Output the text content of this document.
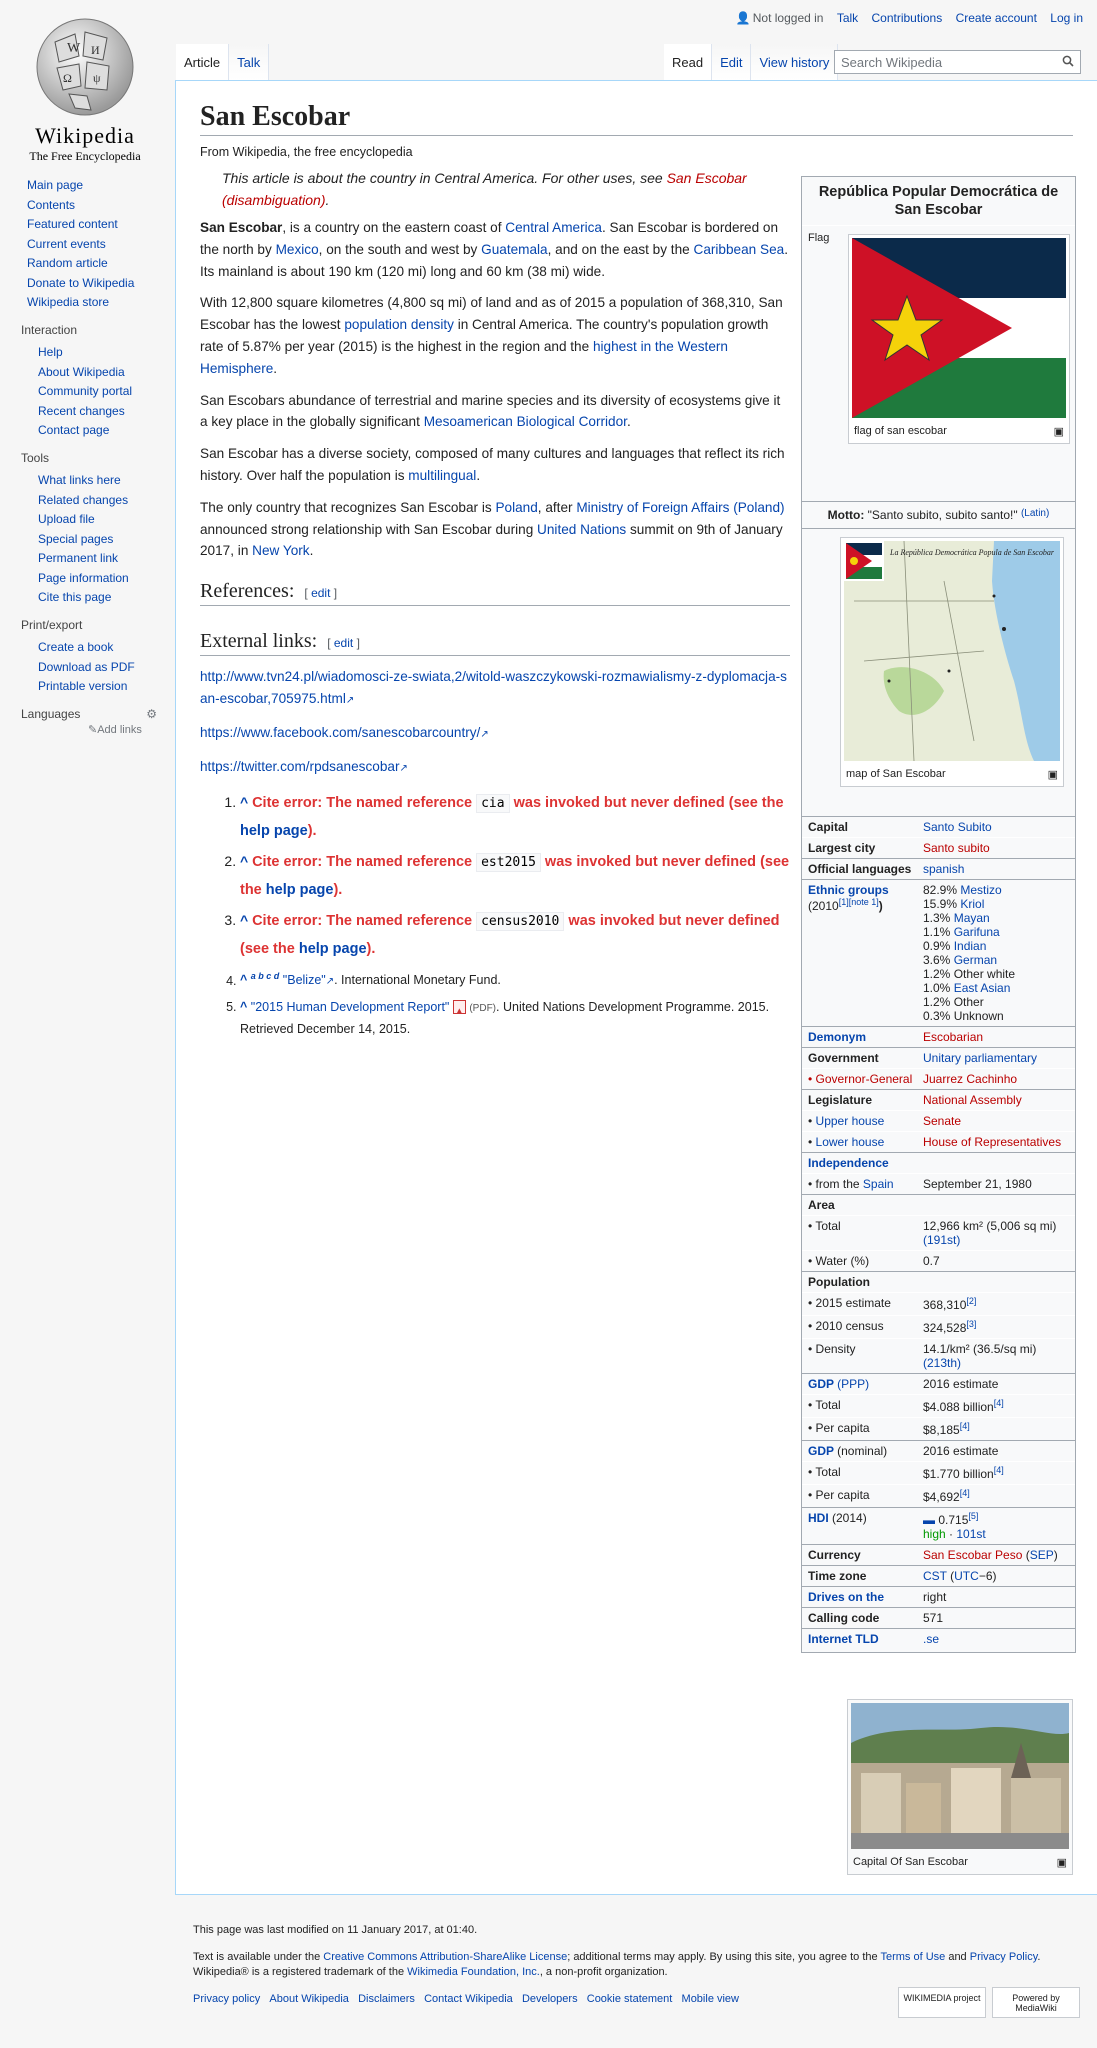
W И
Ω ψ
Wikipedia
The Free Encyclopedia
👤 Not logged in Talk Contributions Create account Log in
Article	Talk	Read	Edit	View history Search Wikipedia
Main page
Contents
Featured content
Current events
Random article
Donate to Wikipedia
Wikipedia store
Interaction
Help
About Wikipedia
Community portal
Recent changes
Contact page
Tools
What links here
Related changes
Upload file
Special pages
Permanent link
Page information
Cite this page
Print/export
Create a book
Download as PDF
Printable version
Languages	⚙
✎Add links
San Escobar
From Wikipedia, the free encyclopedia
This article is about the country in Central America. For other uses, see San Escobar (disambiguation).

San Escobar, is a country on the eastern coast of Central America. San Escobar is bordered on the north by Mexico, on the south and west by Guatemala, and on the east by the Caribbean Sea. Its mainland is about 190 km (120 mi) long and 60 km (38 mi) wide.

With 12,800 square kilometres (4,800 sq mi) of land and as of 2015 a population of 368,310, San Escobar has the lowest population density in Central America. The country's population growth rate of 5.87% per year (2015) is the highest in the region and the highest in the Western Hemisphere.

San Escobars abundance of terrestrial and marine species and its diversity of ecosystems give it a key place in the globally significant Mesoamerican Biological Corridor.

San Escobar has a diverse society, composed of many cultures and languages that reflect its rich history. Over half the population is multilingual.

The only country that recognizes San Escobar is Poland, after Ministry of Foreign Affairs (Poland) announced strong relationship with San Escobar during United Nations summit on 9th of January 2017, in New York.

References: [ edit ]
External links: [ edit ]

http://www.tvn24.pl/wiadomosci-ze-swiata,2/witold-waszczykowski-rozmawialismy-z-dyplomacja-san-escobar,705975.html↗

https://www.facebook.com/sanescobarcountry/↗

https://twitter.com/rpdsanescobar↗

1. ^ Cite error: The named reference cia was invoked but never defined (see the help page).
2. ^ Cite error: The named reference est2015 was invoked but never defined (see the help page).
3. ^ Cite error: The named reference census2010 was invoked but never defined (see the help page).
4. ^ $^{a b c d}$ "Belize"↗. International Monetary Fund.
5. ^ "2015 Human Development Report" ▲ (PDF). United Nations Development Programme. 2015. Retrieved December 14, 2015.
República Popular Democrática de San Escobar
Flag
flag of san escobar	▣
Motto:
"Santo subito, subito santo!"
(Latin)
La República Democrática Popula de San Escobar
map of San Escobar	▣
Capital	Santo Subito
Largest city	Santo subito
Official languages spanish
Ethnic groups
(2010[1][note 1])
82.9% Mestizo
15.9% Kriol
1.3% Mayan
1.1% Garifuna
0.9% Indian
3.6% German
1.2% Other white
1.0% East Asian
1.2% Other
0.3% Unknown
Demonym	Escobarian
Government	Unitary parliamentary
• Governor-General Juarrez Cachinho
Legislature	National Assembly
• Upper house	Senate
• Lower house	House of Representatives
Independence
• from the Spain	September 21, 1980
Area
• Total	12,966 km² (5,006 sq mi)
(191st)
• Water (%)	0.7
Population
• 2015 estimate	368,310[2]
• 2010 census	324,528[3]
• Density	14.1/km² (36.5/sq mi)
(213th)
GDP (PPP)	2016 estimate
• Total	$4.088 billion[4]
• Per capita	$8,185[4]
GDP (nominal)	2016 estimate
• Total	$1.770 billion[4]
• Per capita	$4,692[4]
HDI (2014)	▬ 0.715[5]
high · 101st
Currency	San Escobar Peso (SEP)
Time zone	CST (UTC−6)
Drives on the	right
Calling code	571
Internet TLD	.se
Capital Of San Escobar	▣

This page was last modified on 11 January 2017, at 01:40.

Text is available under the Creative Commons Attribution-ShareAlike License; additional terms may apply. By using this site, you agree to the Terms of Use and Privacy Policy. Wikipedia® is a registered trademark of the Wikimedia Foundation, Inc., a non-profit organization.

Privacy policy About Wikipedia Disclaimers Contact Wikipedia Developers Cookie statement Mobile view	WIKIMEDIA project	Powered by MediaWiki
